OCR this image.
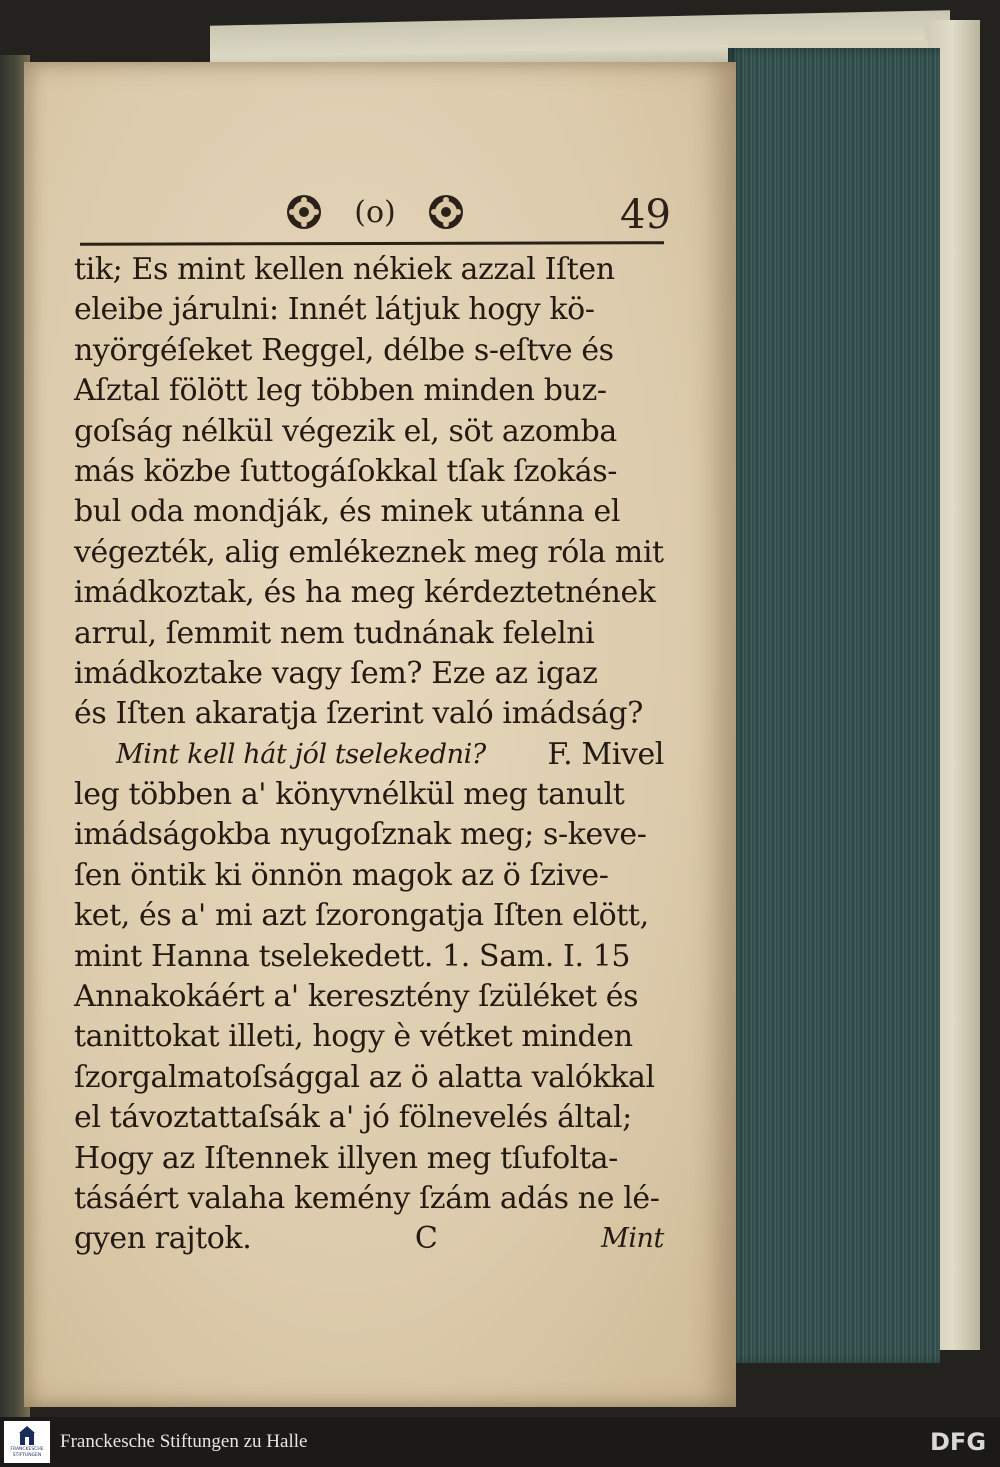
(o)	49
tik; Es mint kellen nékiek azzal Iſten
eleibe járulni: Innét látjuk hogy kö-
nyörgéſeket Reggel, délbe s-eſtve és
Aſztal fölött leg többen minden buz-
goſság nélkül végezik el, söt azomba
más közbe ſuttogáſokkal tſak ſzokás-
bul oda mondják, és minek utánna el
végezték, alig emlékeznek meg róla mit
imádkoztak, és ha meg kérdeztetnének
arrul, ſemmit nem tudnának felelni
imádkoztake vagy ſem? Eze az igaz
és Iſten akaratja ſzerint való imádság?
Mint kell hát jól tselekedni? F. Mivel
leg többen a' könyvnélkül meg tanult
imádságokba nyugoſznak meg; s-keve-
ſen öntik ki önnön magok az ö ſzive-
ket, és a' mi azt ſzorongatja Iſten elött,
mint Hanna tselekedett. 1. Sam. I. 15
Annakokáért a' keresztény ſzüléket és
tanittokat illeti, hogy è vétket minden
ſzorgalmatoſsággal az ö alatta valókkal
el távoztattaſsák a' jó fölnevelés által;
Hogy az Iſtennek illyen meg tſufolta-
tásáért valaha kemény ſzám adás ne lé-
gyen rajtok.	C	Mint
FRANCKESCHE STIFTUNGEN
Franckesche Stiftungen zu Halle	DFG
